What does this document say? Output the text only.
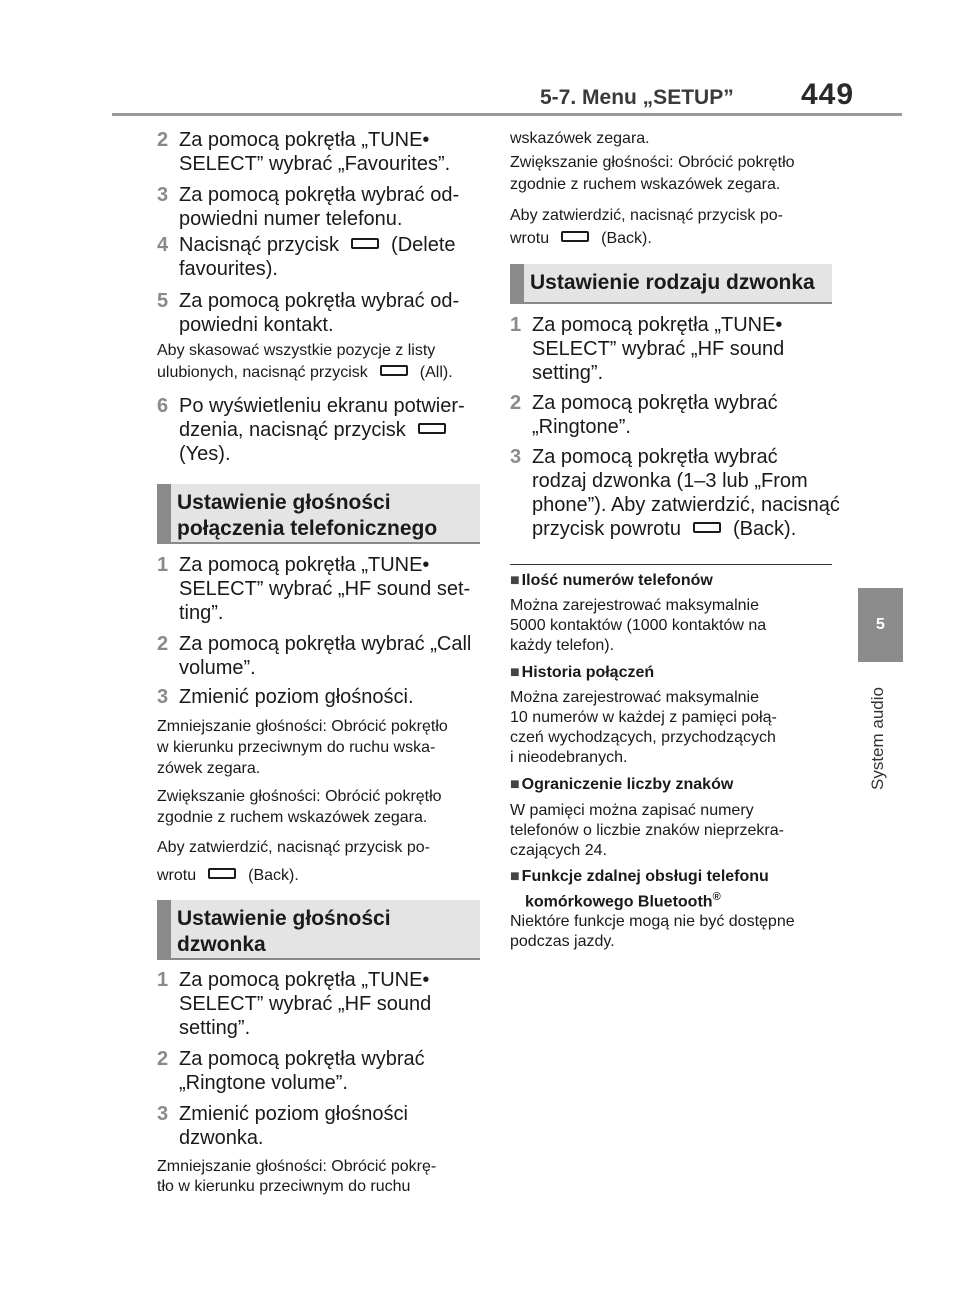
5-7. Menu „SETUP” 449
5
System audio
2 Za pomocą pokrętła „TUNE•
SELECT” wybrać „Favourites”.
3 Za pomocą pokrętła wybrać od-
powiedni numer telefonu.
4 Nacisnąć przycisk	(Delete
favourites).
5 Za pomocą pokrętła wybrać od-
powiedni kontakt.
Aby skasować wszystkie pozycje z listy
ulubionych, nacisnąć przycisk	(All).
6 Po wyświetleniu ekranu potwier-
dzenia, nacisnąć przycisk
(Yes).
Ustawienie głośności
połączenia telefonicznego
1 Za pomocą pokrętła „TUNE•
SELECT” wybrać „HF sound set-
ting”.
2 Za pomocą pokrętła wybrać „Call
volume”.
3 Zmienić poziom głośności.
Zmniejszanie głośności: Obrócić pokrętło
w kierunku przeciwnym do ruchu wska-
zówek zegara.
Zwiększanie głośności: Obrócić pokrętło
zgodnie z ruchem wskazówek zegara.
Aby zatwierdzić, nacisnąć przycisk po-
wrotu	(Back).
Ustawienie głośności
dzwonka
1 Za pomocą pokrętła „TUNE•
SELECT” wybrać „HF sound
setting”.
2 Za pomocą pokrętła wybrać
„Ringtone volume”.
3 Zmienić poziom głośności
dzwonka.
Zmniejszanie głośności: Obrócić pokrę-
tło w kierunku przeciwnym do ruchu
wskazówek zegara.
Zwiększanie głośności: Obrócić pokrętło
zgodnie z ruchem wskazówek zegara.
Aby zatwierdzić, nacisnąć przycisk po-
wrotu	(Back).
Ustawienie rodzaju dzwonka
1 Za pomocą pokrętła „TUNE•
SELECT” wybrać „HF sound
setting”.
2 Za pomocą pokrętła wybrać
„Ringtone”.
3 Za pomocą pokrętła wybrać
rodzaj dzwonka (1–3 lub „From
phone”). Aby zatwierdzić, nacisnąć
przycisk powrotu	(Back).
■ Ilość numerów telefonów
Można zarejestrować maksymalnie
5000 kontaktów (1000 kontaktów na
każdy telefon).
■ Historia połączeń
Można zarejestrować maksymalnie
10 numerów w każdej z pamięci połą-
czeń wychodzących, przychodzących
i nieodebranych.
■ Ograniczenie liczby znaków
W pamięci można zapisać numery
telefonów o liczbie znaków nieprzekra-
czających 24.
■ Funkcje zdalnej obsługi telefonu
komórkowego Bluetooth®
Niektóre funkcje mogą nie być dostępne
podczas jazdy.
